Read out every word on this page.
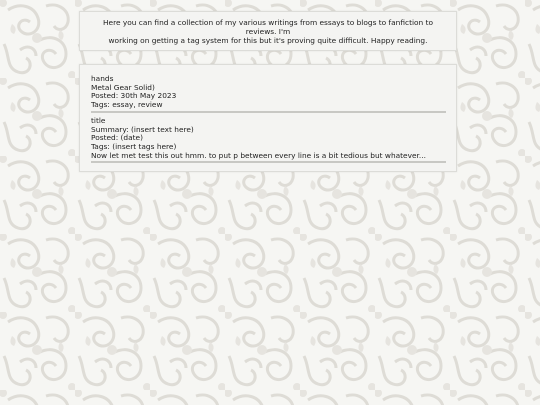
Here you can find a collection of my various writings from essays to blogs to fanfiction to reviews. I'm
working on getting a tag system for this but it's proving quite difficult. Happy reading.
hands
Metal Gear Solid)
Posted: 30th May 2023
Tags: essay, review
title
Summary: (insert text here)
Posted: (date)
Tags: (insert tags here)
Now let met test this out hmm. to put p between every line is a bit tedious but whatever...
